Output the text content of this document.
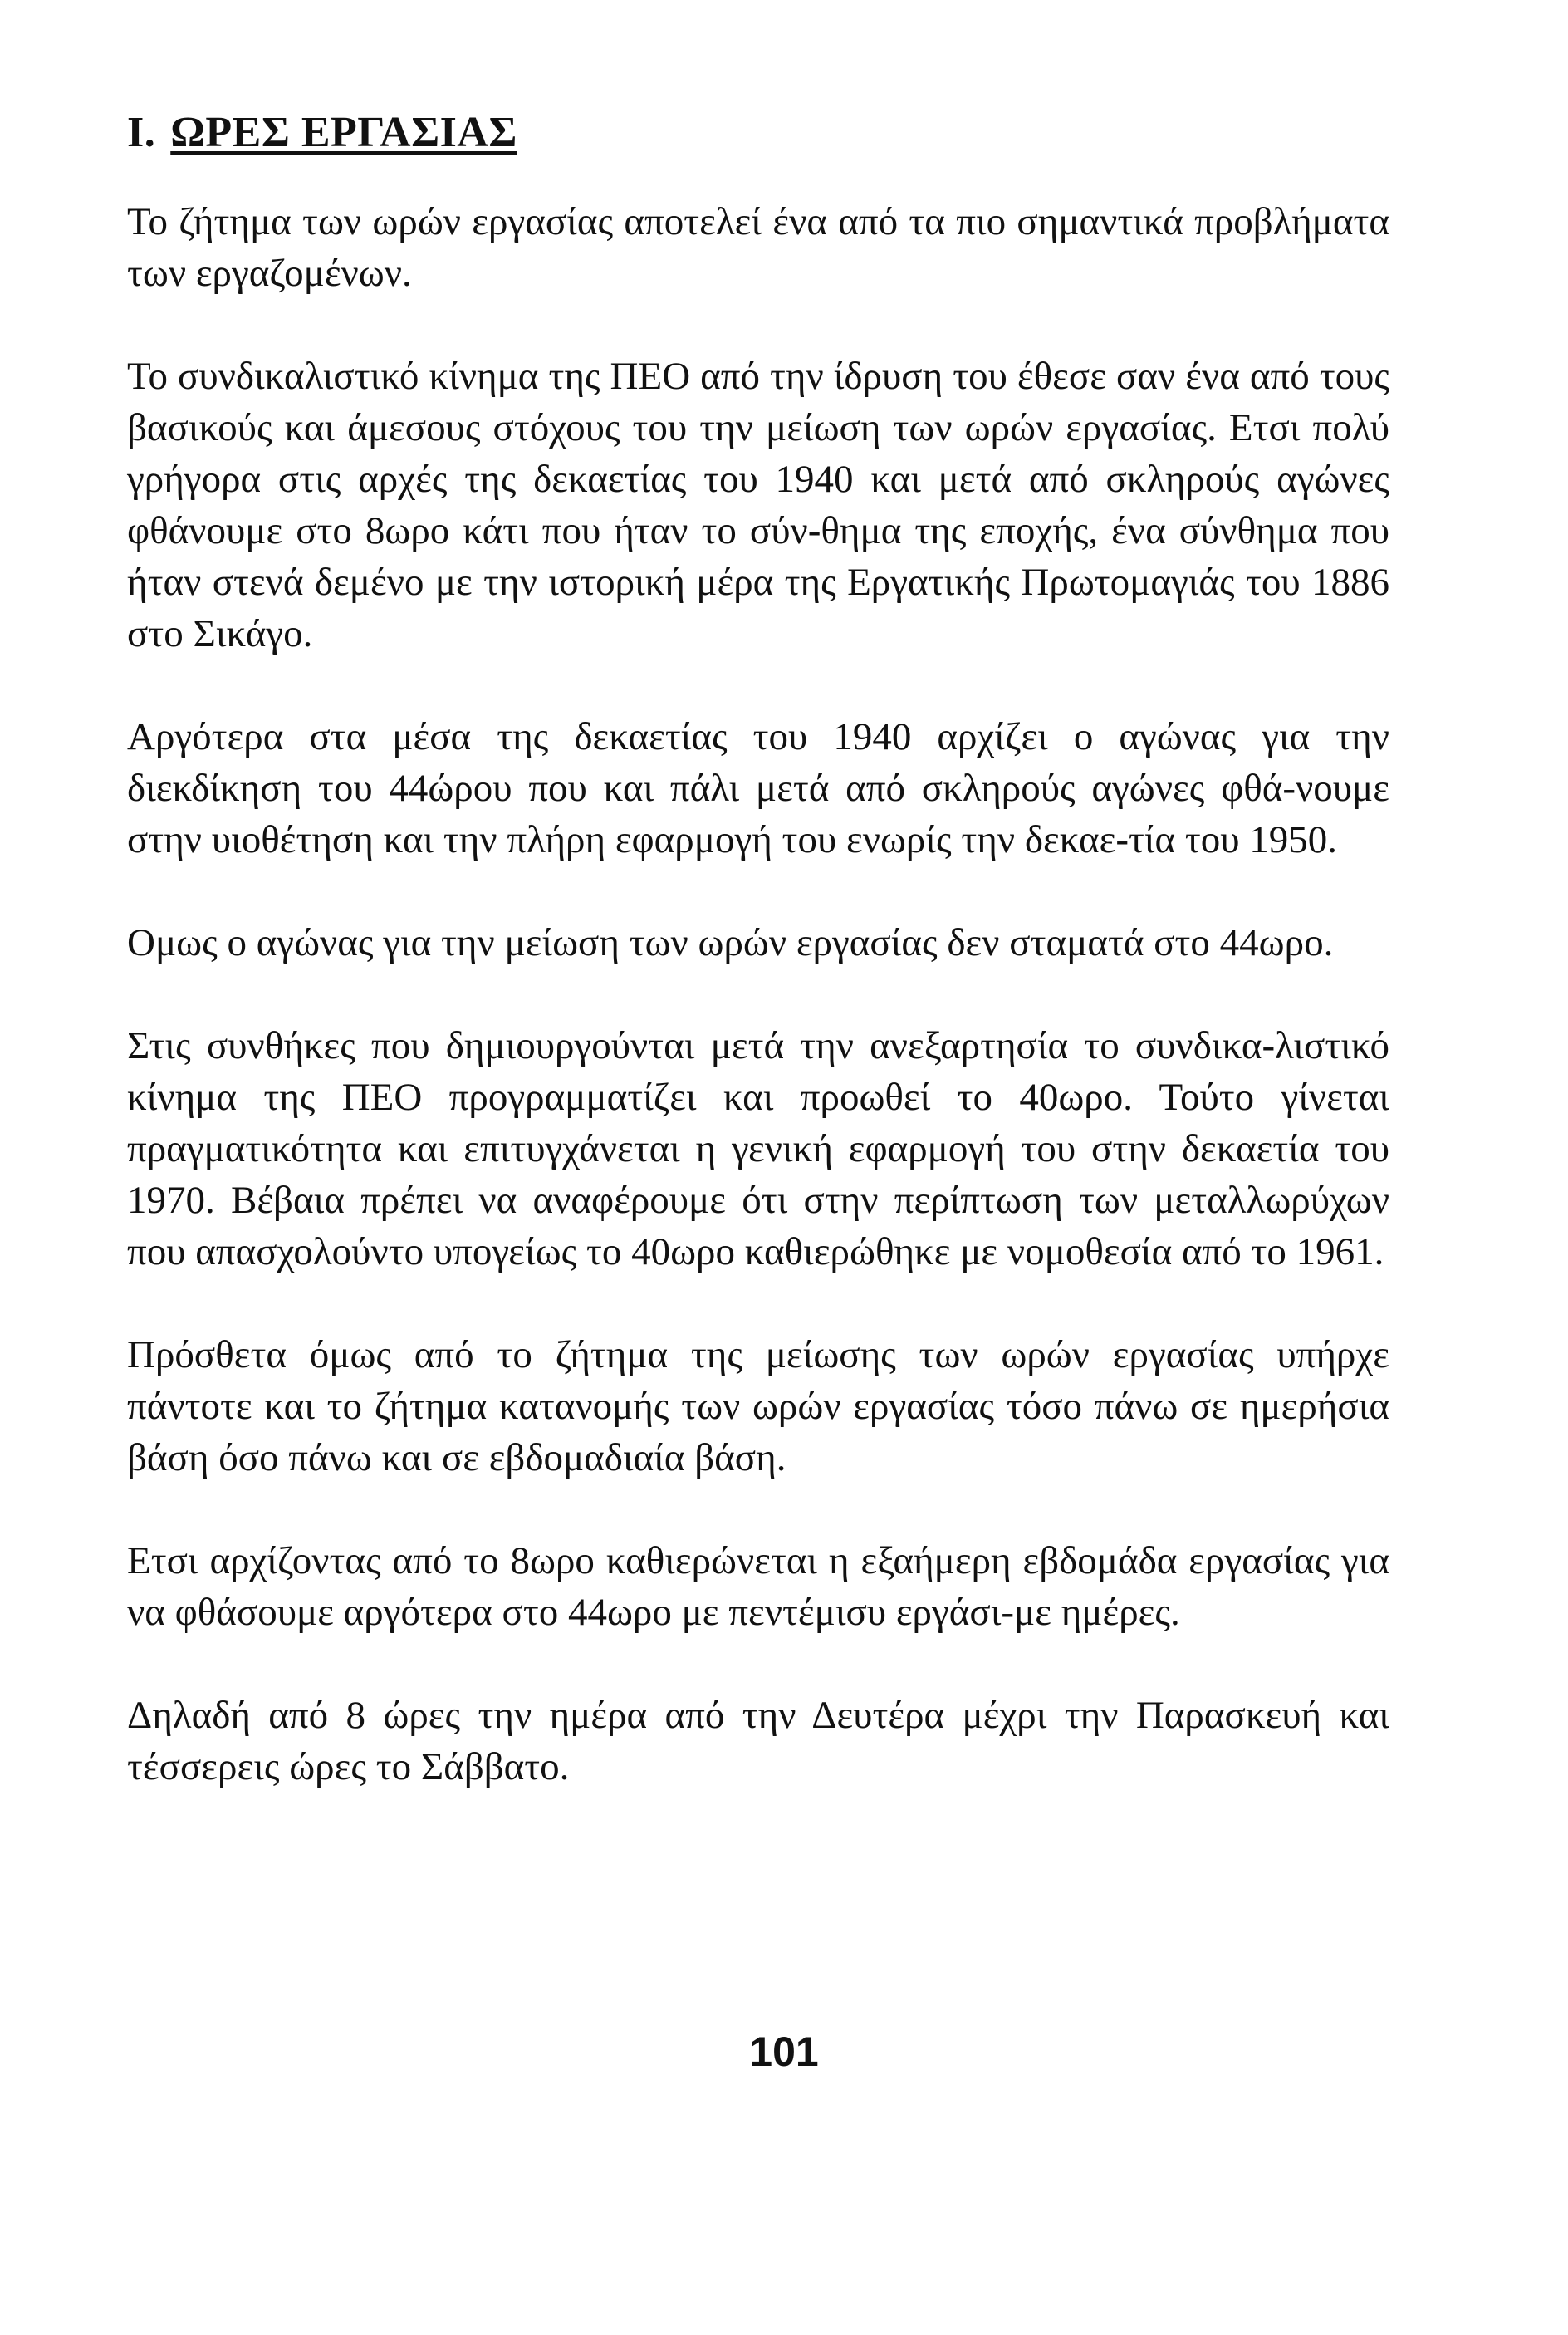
I. ΩΡΕΣ ΕΡΓΑΣΙΑΣ

Το ζήτημα των ωρών εργασίας αποτελεί ένα από τα πιο σημαντικά προβλήματα των εργαζομένων.

Το συνδικαλιστικό κίνημα της ΠΕΟ από την ίδρυση του έθεσε σαν ένα από τους βασικούς και άμεσους στόχους του την μείωση των ωρών εργασίας. Ετσι πολύ γρήγορα στις αρχές της δεκαετίας του 1940 και μετά από σκληρούς αγώνες φθάνουμε στο 8ωρο κάτι που ήταν το σύν-θημα της εποχής, ένα σύνθημα που ήταν στενά δεμένο με την ιστορική μέρα της Εργατικής Πρωτομαγιάς του 1886 στο Σικάγο.

Αργότερα στα μέσα της δεκαετίας του 1940 αρχίζει ο αγώνας για την διεκδίκηση του 44ώρου που και πάλι μετά από σκληρούς αγώνες φθά-νουμε στην υιοθέτηση και την πλήρη εφαρμογή του ενωρίς την δεκαε-τία του 1950.

Ομως ο αγώνας για την μείωση των ωρών εργασίας δεν σταματά στο 44ωρο.

Στις συνθήκες που δημιουργούνται μετά την ανεξαρτησία το συνδικα-λιστικό κίνημα της ΠΕΟ προγραμματίζει και προωθεί το 40ωρο. Τούτο γίνεται πραγματικότητα και επιτυγχάνεται η γενική εφαρμογή του στην δεκαετία του 1970. Βέβαια πρέπει να αναφέρουμε ότι στην περίπτωση των μεταλλωρύχων που απασχολούντο υπογείως το 40ωρο καθιερώθηκε με νομοθεσία από το 1961.

Πρόσθετα όμως από το ζήτημα της μείωσης των ωρών εργασίας υπήρχε πάντοτε και το ζήτημα κατανομής των ωρών εργασίας τόσο πάνω σε ημερήσια βάση όσο πάνω και σε εβδομαδιαία βάση.

Ετσι αρχίζοντας από το 8ωρο καθιερώνεται η εξαήμερη εβδομάδα εργασίας για να φθάσουμε αργότερα στο 44ωρο με πεντέμισυ εργάσι-με ημέρες.

Δηλαδή από 8 ώρες την ημέρα από την Δευτέρα μέχρι την Παρασκευή και τέσσερεις ώρες το Σάββατο.

101
